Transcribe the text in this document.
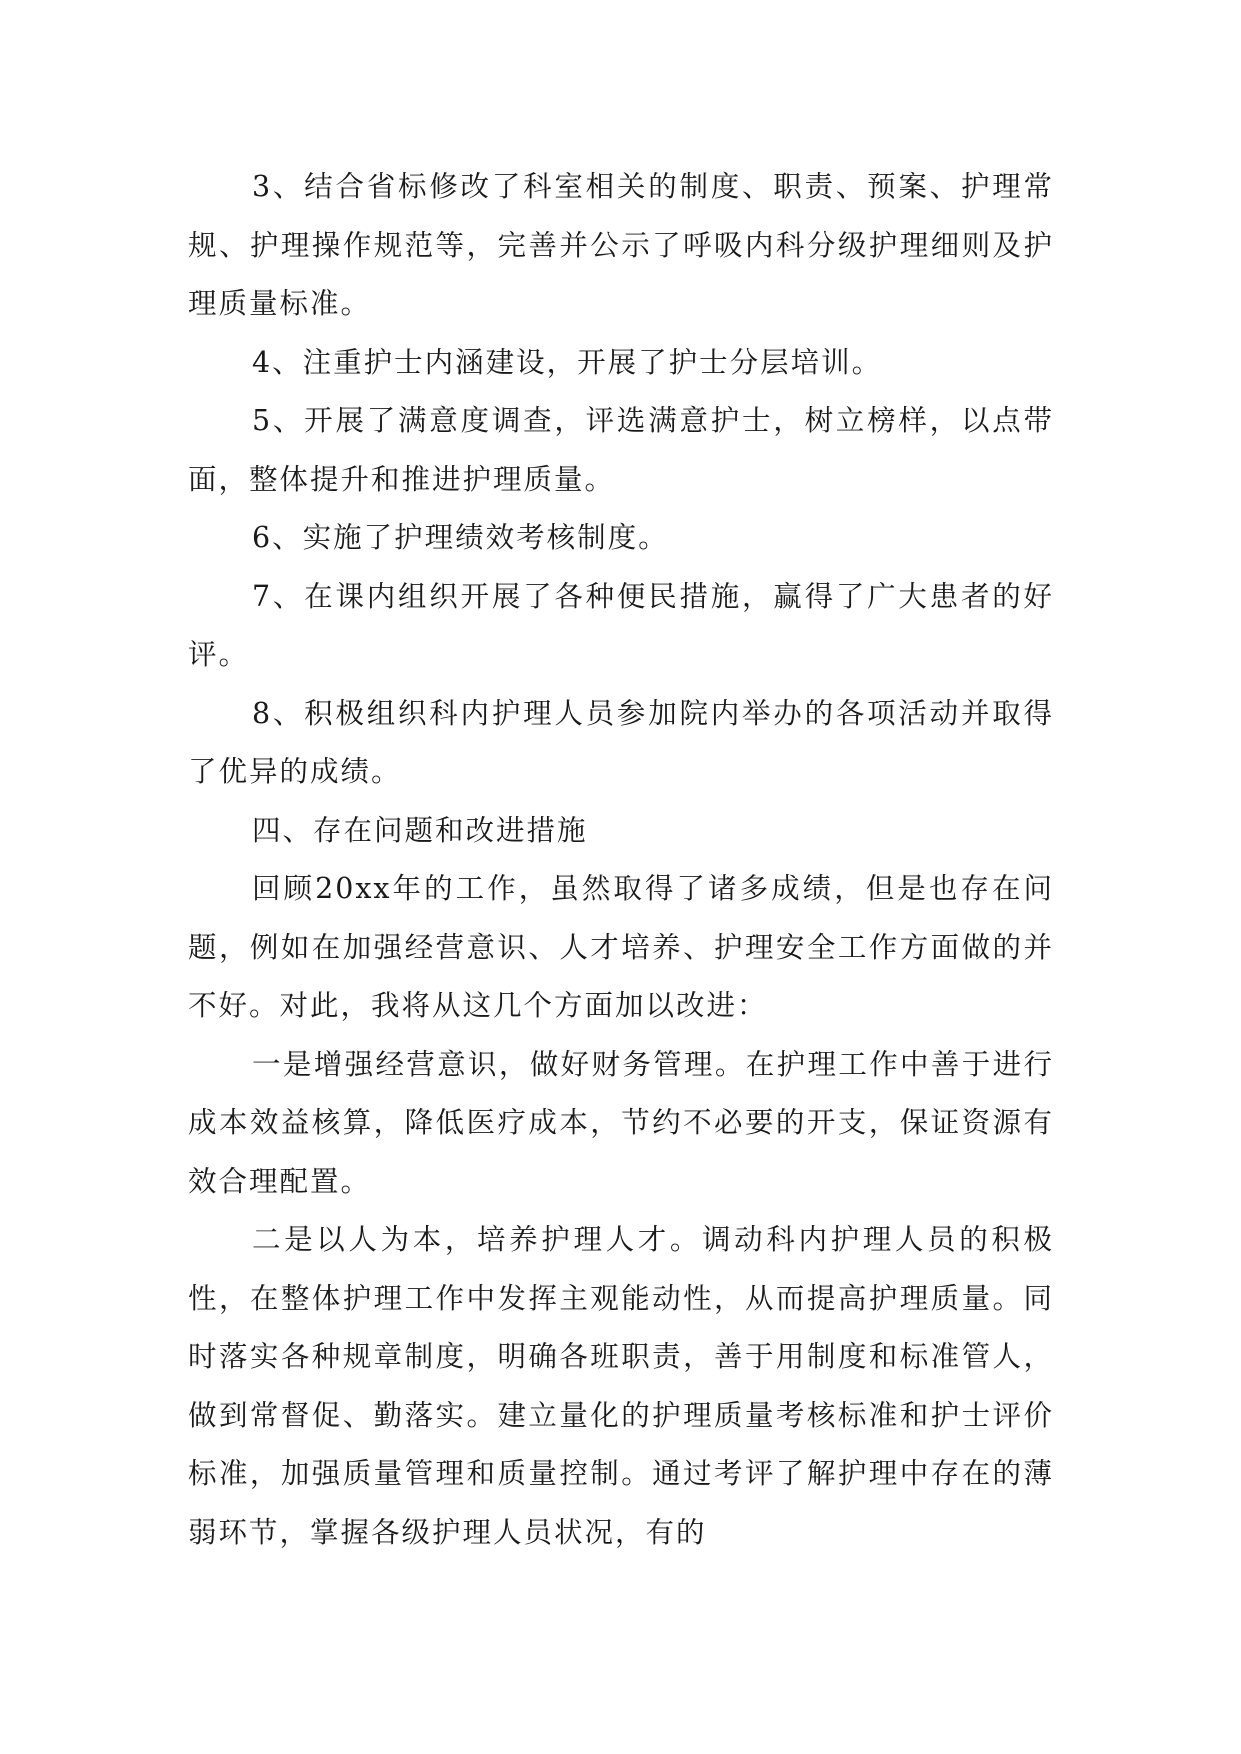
3、结合省标修改了科室相关的制度、职责、预案、护理常规、护理操作规范等，完善并公示了呼吸内科分级护理细则及护理质量标准。

4、注重护士内涵建设，开展了护士分层培训。

5、开展了满意度调查，评选满意护士，树立榜样，以点带面，整体提升和推进护理质量。

6、实施了护理绩效考核制度。

7、在课内组织开展了各种便民措施，赢得了广大患者的好评。

8、积极组织科内护理人员参加院内举办的各项活动并取得了优异的成绩。

四、存在问题和改进措施

回顾20xx年的工作，虽然取得了诸多成绩，但是也存在问题，例如在加强经营意识、人才培养、护理安全工作方面做的并不好。对此，我将从这几个方面加以改进：

一是增强经营意识，做好财务管理。在护理工作中善于进行成本效益核算，降低医疗成本，节约不必要的开支，保证资源有效合理配置。

二是以人为本，培养护理人才。调动科内护理人员的积极性，在整体护理工作中发挥主观能动性，从而提高护理质量。同时落实各种规章制度，明确各班职责，善于用制度和标准管人，做到常督促、勤落实。建立量化的护理质量考核标准和护士评价标准，加强质量管理和质量控制。通过考评了解护理中存在的薄弱环节，掌握各级护理人员状况，有的
